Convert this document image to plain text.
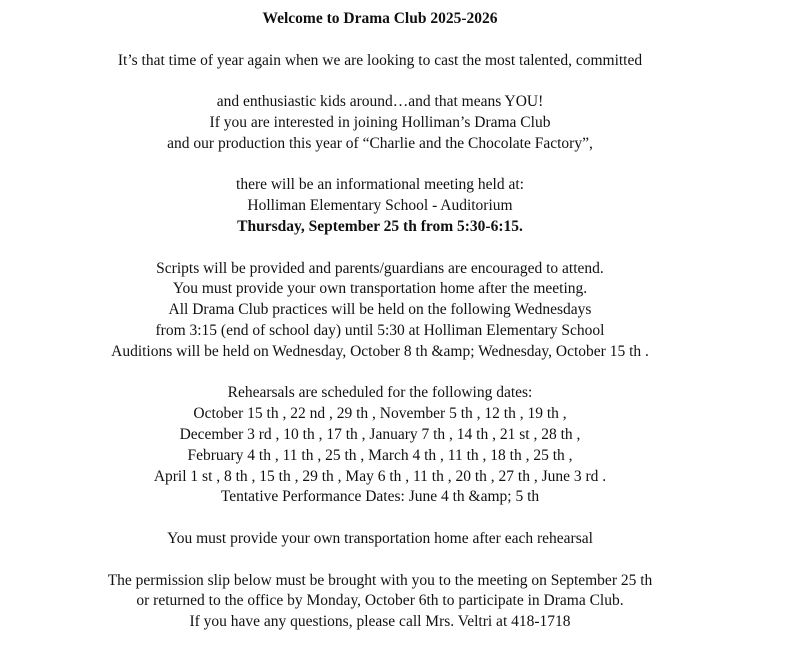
Welcome to Drama Club 2025-2026
It’s that time of year again when we are looking to cast the most talented, committed
and enthusiastic kids around…and that means YOU!
If you are interested in joining Holliman’s Drama Club
and our production this year of “Charlie and the Chocolate Factory”,
there will be an informational meeting held at:
Holliman Elementary School - Auditorium
Thursday, September 25 th from 5:30-6:15.
Scripts will be provided and parents/guardians are encouraged to attend.
You must provide your own transportation home after the meeting.
All Drama Club practices will be held on the following Wednesdays
from 3:15 (end of school day) until 5:30 at Holliman Elementary School
Auditions will be held on Wednesday, October 8 th &amp; Wednesday, October 15 th .
Rehearsals are scheduled for the following dates:
October 15 th , 22 nd , 29 th , November 5 th , 12 th , 19 th ,
December 3 rd , 10 th , 17 th , January 7 th , 14 th , 21 st , 28 th ,
February 4 th , 11 th , 25 th , March 4 th , 11 th , 18 th , 25 th ,
April 1 st , 8 th , 15 th , 29 th , May 6 th , 11 th , 20 th , 27 th , June 3 rd .
Tentative Performance Dates: June 4 th &amp; 5 th
You must provide your own transportation home after each rehearsal
The permission slip below must be brought with you to the meeting on September 25 th
or returned to the office by Monday, October 6th to participate in Drama Club.
If you have any questions, please call Mrs. Veltri at 418-1718
